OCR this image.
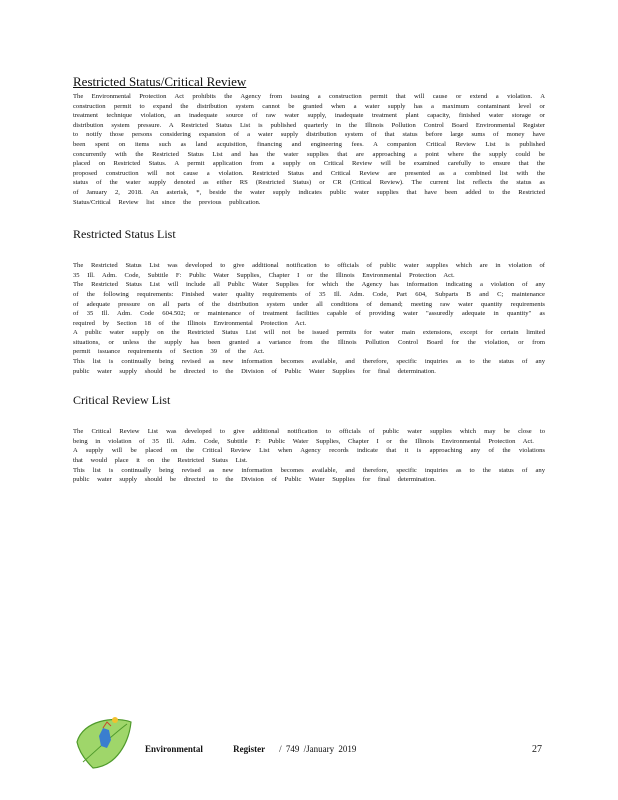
Restricted Status/Critical Review

The Environmental Protection Act prohibits the Agency from issuing a construction permit that will cause or extend a violation. A construction permit to expand the distribution system cannot be granted when a water supply has a maximum contaminant level or treatment technique violation, an inadequate source of raw water supply, inadequate treatment plant capacity, finished water storage or distribution system pressure. A Restricted Status List is published quarterly in the Illinois Pollution Control Board Environmental Register to notify those persons considering expansion of a water supply distribution system of that status before large sums of money have been spent on items such as land acquisition, financing and engineering fees. A companion Critical Review List is published concurrently with the Restricted Status List and has the water supplies that are approaching a point where the supply could be placed on Restricted Status. A permit application from a supply on Critical Review will be examined carefully to ensure that the proposed construction will not cause a violation. Restricted Status and Critical Review are presented as a combined list with the status of the water supply denoted as either RS (Restricted Status) or CR (Critical Review). The current list reflects the status as of January 2, 2018. An asterisk, *, beside the water supply indicates public water supplies that have been added to the Restricted Status/Critical Review list since the previous publication.

Restricted Status List

The Restricted Status List was developed to give additional notification to officials of public water supplies which are in violation of 35 Ill. Adm. Code, Subtitle F: Public Water Supplies, Chapter I or the Illinois Environmental Protection Act.

The Restricted Status List will include all Public Water Supplies for which the Agency has information indicating a violation of any of the following requirements: Finished water quality requirements of 35 Ill. Adm. Code, Part 604, Subparts B and C; maintenance of adequate pressure on all parts of the distribution system under all conditions of demand; meeting raw water quantity requirements of 35 Ill. Adm. Code 604.502; or maintenance of treatment facilities capable of providing water "assuredly adequate in quantity" as required by Section 18 of the Illinois Environmental Protection Act.

A public water supply on the Restricted Status List will not be issued permits for water main extensions, except for certain limited situations, or unless the supply has been granted a variance from the Illinois Pollution Control Board for the violation, or from permit issuance requirements of Section 39 of the Act.

This list is continually being revised as new information becomes available, and therefore, specific inquiries as to the status of any public water supply should be directed to the Division of Public Water Supplies for final determination.

Critical Review List

The Critical Review List was developed to give additional notification to officials of public water supplies which may be close to being in violation of 35 Ill. Adm. Code, Subtitle F: Public Water Supplies, Chapter I or the Illinois Environmental Protection Act.

A supply will be placed on the Critical Review List when Agency records indicate that it is approaching any of the violations that would place it on the Restricted Status List.

This list is continually being revised as new information becomes available, and therefore, specific inquiries as to the status of any public water supply should be directed to the Division of Public Water Supplies for final determination.

Environmental Register / 749 /January 2019	27
